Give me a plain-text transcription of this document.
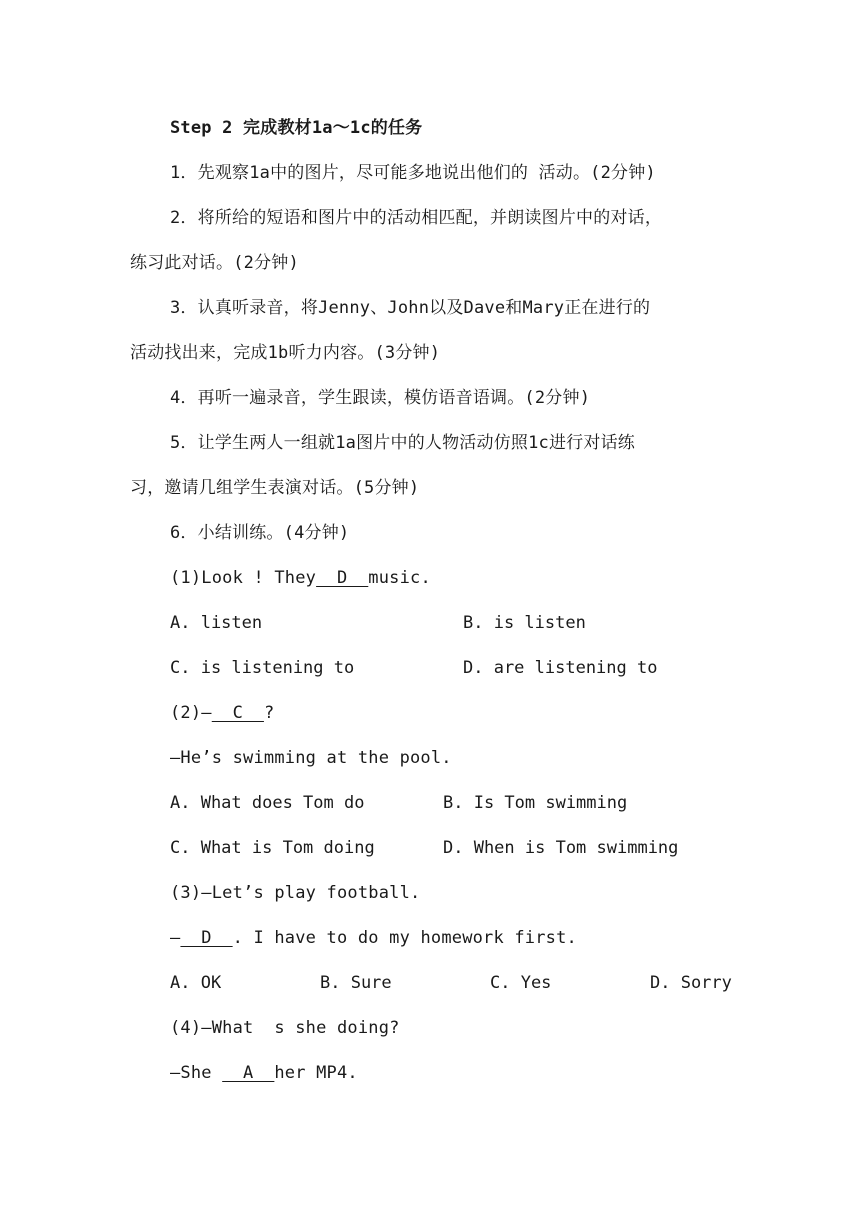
Step 2 完成教材1a～1c的任务
1．先观察1a中的图片，尽可能多地说出他们的 活动。(2分钟)
2．将所给的短语和图片中的活动相匹配，并朗读图片中的对话，
练习此对话。(2分钟)
3．认真听录音，将Jenny、John以及Dave和Mary正在进行的
活动找出来，完成1b听力内容。(3分钟)
4．再听一遍录音，学生跟读，模仿语音语调。(2分钟)
5．让学生两人一组就1a图片中的人物活动仿照1c进行对话练
习，邀请几组学生表演对话。(5分钟)
6．小结训练。(4分钟)
(1)Look ! They  D  music.
A. listen	B. is listen
C. is listening to	D. are listening to
(2)—  C  ?
—He’s swimming at the pool.
A. What does Tom do	B. Is Tom swimming
C. What is Tom doing	D. When is Tom swimming
(3)—Let’s play football.
—  D  . I have to do my homework first.
A. OK	B. Sure	C. Yes	D. Sorry
(4)—What  s she doing?
—She   A  her MP4.
